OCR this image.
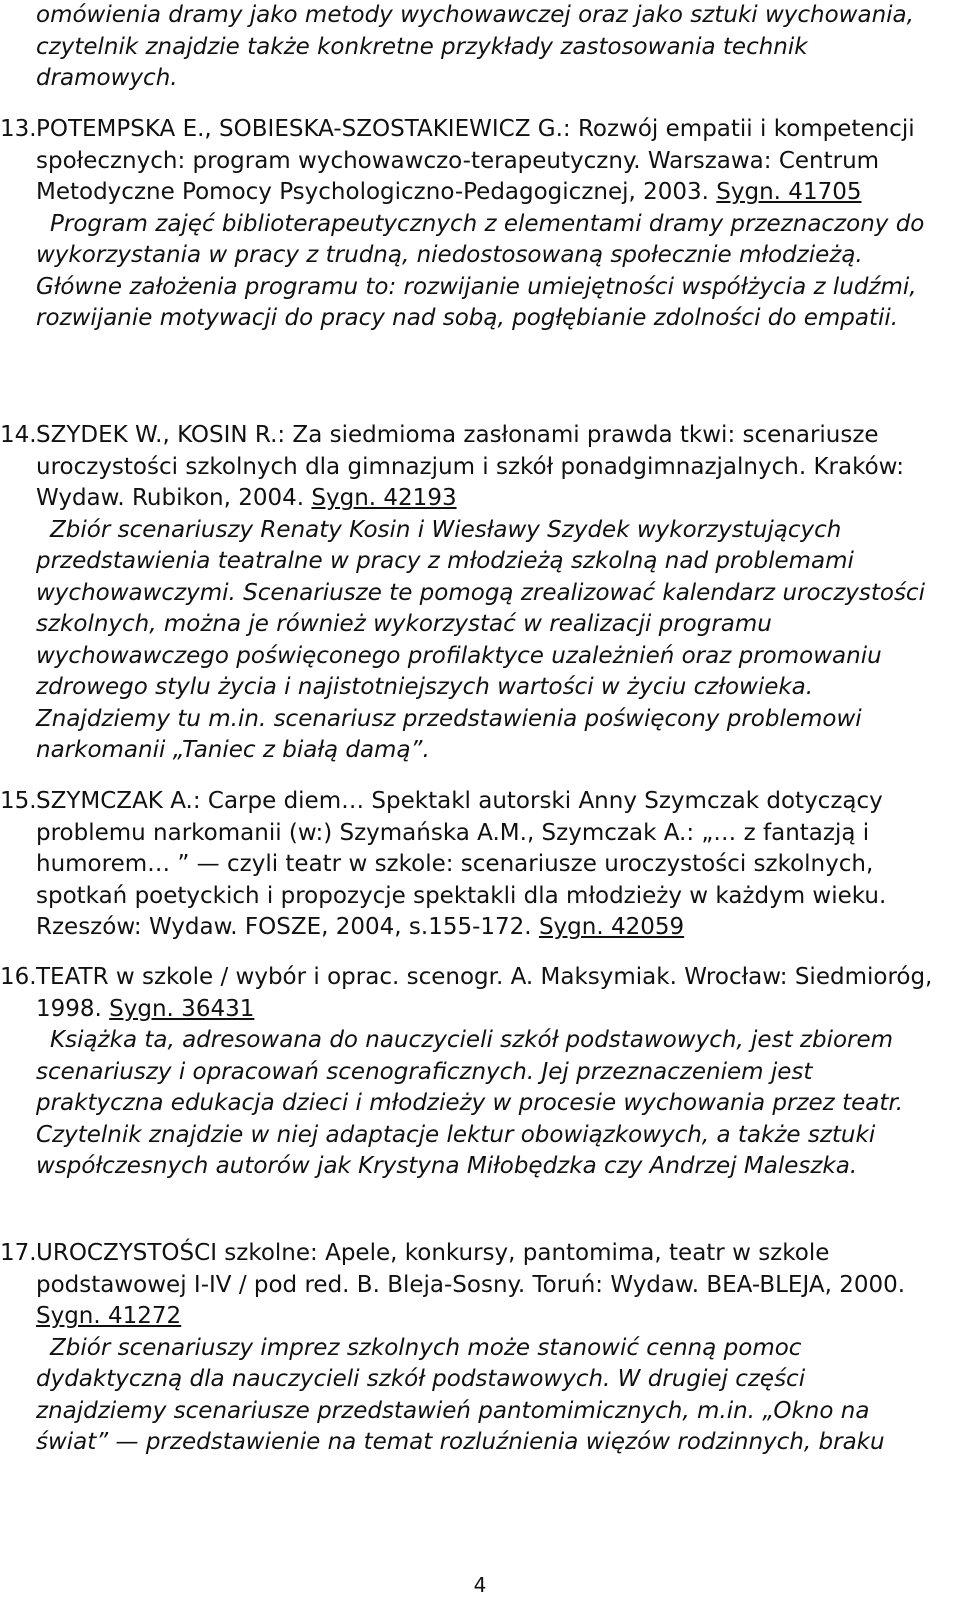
omówienia dramy jako metody wychowawczej oraz jako sztuki wychowania, czytelnik znajdzie także konkretne przykłady zastosowania technik dramowych.
13. POTEMPSKA E., SOBIESKA-SZOSTAKIEWICZ G.: Rozwój empatii i kompetencji społecznych: program wychowawczo-terapeutyczny. Warszawa: Centrum Metodyczne Pomocy Psychologiczno-Pedagogicznej, 2003. Sygn. 41705
Program zajęć biblioterapeutycznych z elementami dramy przeznaczony do wykorzystania w pracy z trudną, niedostosowaną społecznie młodzieżą. Główne założenia programu to: rozwijanie umiejętności współżycia z ludźmi, rozwijanie motywacji do pracy nad sobą, pogłębianie zdolności do empatii.
14. SZYDEK W., KOSIN R.: Za siedmioma zasłonami prawda tkwi: scenariusze uroczystości szkolnych dla gimnazjum i szkół ponadgimnazjalnych. Kraków: Wydaw. Rubikon, 2004. Sygn. 42193
Zbiór scenariuszy Renaty Kosin i Wiesławy Szydek wykorzystujących przedstawienia teatralne w pracy z młodzieżą szkolną nad problemami wychowawczymi. Scenariusze te pomogą zrealizować kalendarz uroczystości szkolnych, można je również wykorzystać w realizacji programu wychowawczego poświęconego profilaktyce uzależnień oraz promowaniu zdrowego stylu życia i najistotniejszych wartości w życiu człowieka. Znajdziemy tu m.in. scenariusz przedstawienia poświęcony problemowi narkomanii „Taniec z białą damą”.
15. SZYMCZAK A.: Carpe diem… Spektakl autorski Anny Szymczak dotyczący problemu narkomanii (w:) Szymańska A.M., Szymczak A.: „… z fantazją i humorem… ” — czyli teatr w szkole: scenariusze uroczystości szkolnych, spotkań poetyckich i propozycje spektakli dla młodzieży w każdym wieku. Rzeszów: Wydaw. FOSZE, 2004, s.155-172. Sygn. 42059
16. TEATR w szkole / wybór i oprac. scenogr. A. Maksymiak. Wrocław: Siedmioróg, 1998. Sygn. 36431
Książka ta, adresowana do nauczycieli szkół podstawowych, jest zbiorem scenariuszy i opracowań scenograficznych. Jej przeznaczeniem jest praktyczna edukacja dzieci i młodzieży w procesie wychowania przez teatr. Czytelnik znajdzie w niej adaptacje lektur obowiązkowych, a także sztuki współczesnych autorów jak Krystyna Miłobędzka czy Andrzej Maleszka.
17. UROCZYSTOŚCI szkolne: Apele, konkursy, pantomima, teatr w szkole podstawowej I-IV / pod red. B. Bleja-Sosny. Toruń: Wydaw. BEA-BLEJA, 2000. Sygn. 41272
Zbiór scenariuszy imprez szkolnych może stanowić cenną pomoc dydaktyczną dla nauczycieli szkół podstawowych. W drugiej części znajdziemy scenariusze przedstawień pantomimicznych, m.in. „Okno na świat” — przedstawienie na temat rozluźnienia więzów rodzinnych, braku
4
